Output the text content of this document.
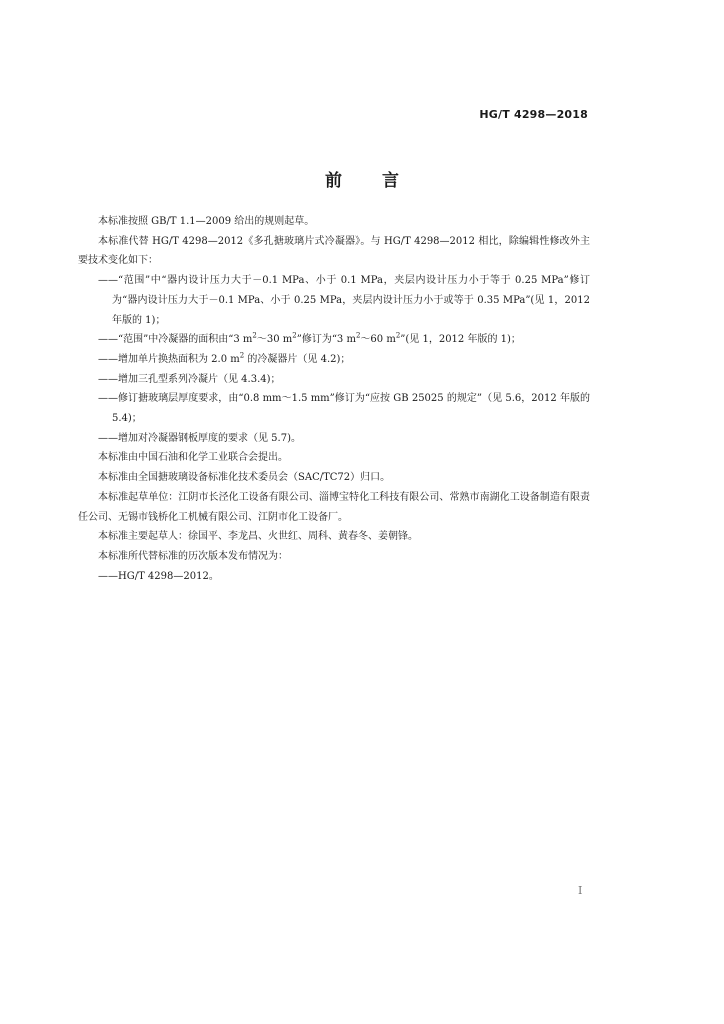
HG/T 4298—2018
前 言

本标准按照 GB/T 1.1—2009 给出的规则起草。

本标准代替 HG/T 4298—2012《多孔搪玻璃片式冷凝器》。与 HG/T 4298—2012 相比，除编辑性修改外主要技术变化如下：

——“范围”中“器内设计压力大于－0.1 MPa、小于 0.1 MPa，夹层内设计压力小于等于 0.25 MPa”修订为“器内设计压力大于－0.1 MPa、小于 0.25 MPa，夹层内设计压力小于或等于 0.35 MPa”(见 1，2012 年版的 1)；

——“范围”中冷凝器的面积由“3 $m^2\sim 30$ $m^2$”修订为“3 $m^2\sim 60$ $m^2$”(见 1，2012 年版的 1)；

——增加单片换热面积为 2.0 $m^2$ 的冷凝器片（见 4.2)；

——增加三孔型系列冷凝片（见 4.3.4)；

——修订搪玻璃层厚度要求，由“0.8 mm～1.5 mm”修订为“应按 GB 25025 的规定”（见 5.6，2012 年版的 5.4)；

——增加对冷凝器钢板厚度的要求（见 5.7)。

本标准由中国石油和化学工业联合会提出。

本标准由全国搪玻璃设备标准化技术委员会（SAC/TC72）归口。

本标准起草单位：江阴市长泾化工设备有限公司、淄博宝特化工科技有限公司、常熟市南湖化工设备制造有限责任公司、无锡市钱桥化工机械有限公司、江阴市化工设备厂。

本标准主要起草人：徐国平、李龙昌、火世红、周科、黄春冬、姜朝锋。

本标准所代替标准的历次版本发布情况为：

——HG/T 4298—2012。

I
